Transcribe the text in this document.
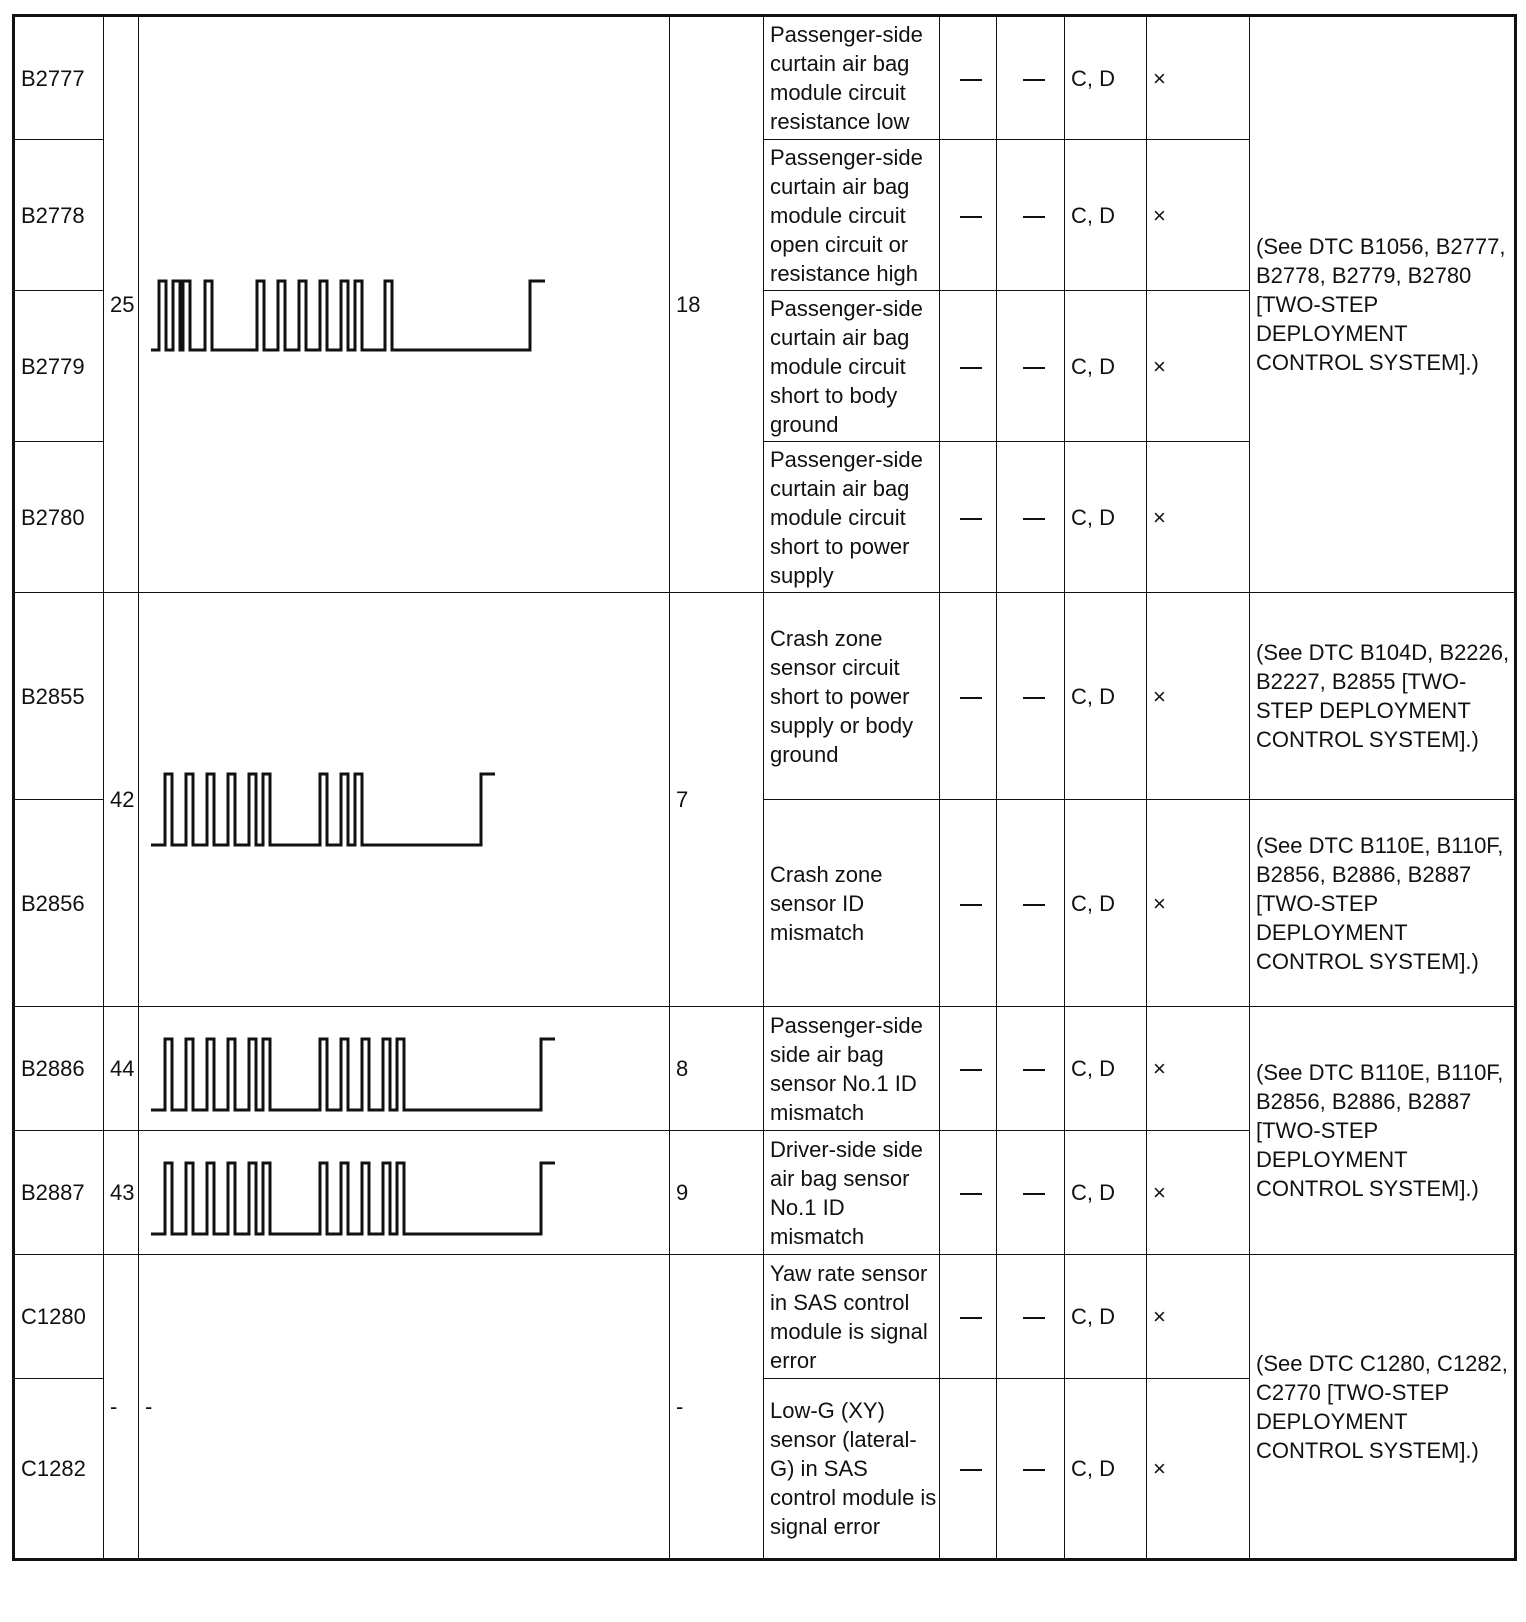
B2777	25		18	Passenger-side curtain air bag module circuit resistance low			C, D	×	(See DTC B1056, B2777, B2778, B2779, B2780 [TWO-STEP DEPLOYMENT CONTROL SYSTEM].)
B2778				Passenger-side curtain air bag module circuit open circuit or resistance high			C, D	×	
B2779				Passenger-side curtain air bag module circuit short to body ground			C, D	×	
B2780				Passenger-side curtain air bag module circuit short to power supply			C, D	×	
B2855	42		7	Crash zone sensor circuit short to power supply or body ground			C, D	×	(See DTC B104D, B2226, B2227, B2855 [TWO-STEP DEPLOYMENT CONTROL SYSTEM].)
B2856				Crash zone sensor ID mismatch			C, D	×	(See DTC B110E, B110F, B2856, B2886, B2887 [TWO-STEP DEPLOYMENT CONTROL SYSTEM].)
B2886	44		8	Passenger-side side air bag sensor No.1 ID mismatch			C, D	×	(See DTC B110E, B110F, B2856, B2886, B2887 [TWO-STEP DEPLOYMENT CONTROL SYSTEM].)
B2887	43		9	Driver-side side air bag sensor No.1 ID mismatch			C, D	×	
C1280	-	-	-	Yaw rate sensor in SAS control module is signal error			C, D	×	(See DTC C1280, C1282, C2770 [TWO-STEP DEPLOYMENT CONTROL SYSTEM].)
C1282				Low-G (XY) sensor (lateral-G) in SAS control module is signal error			C, D	×	
